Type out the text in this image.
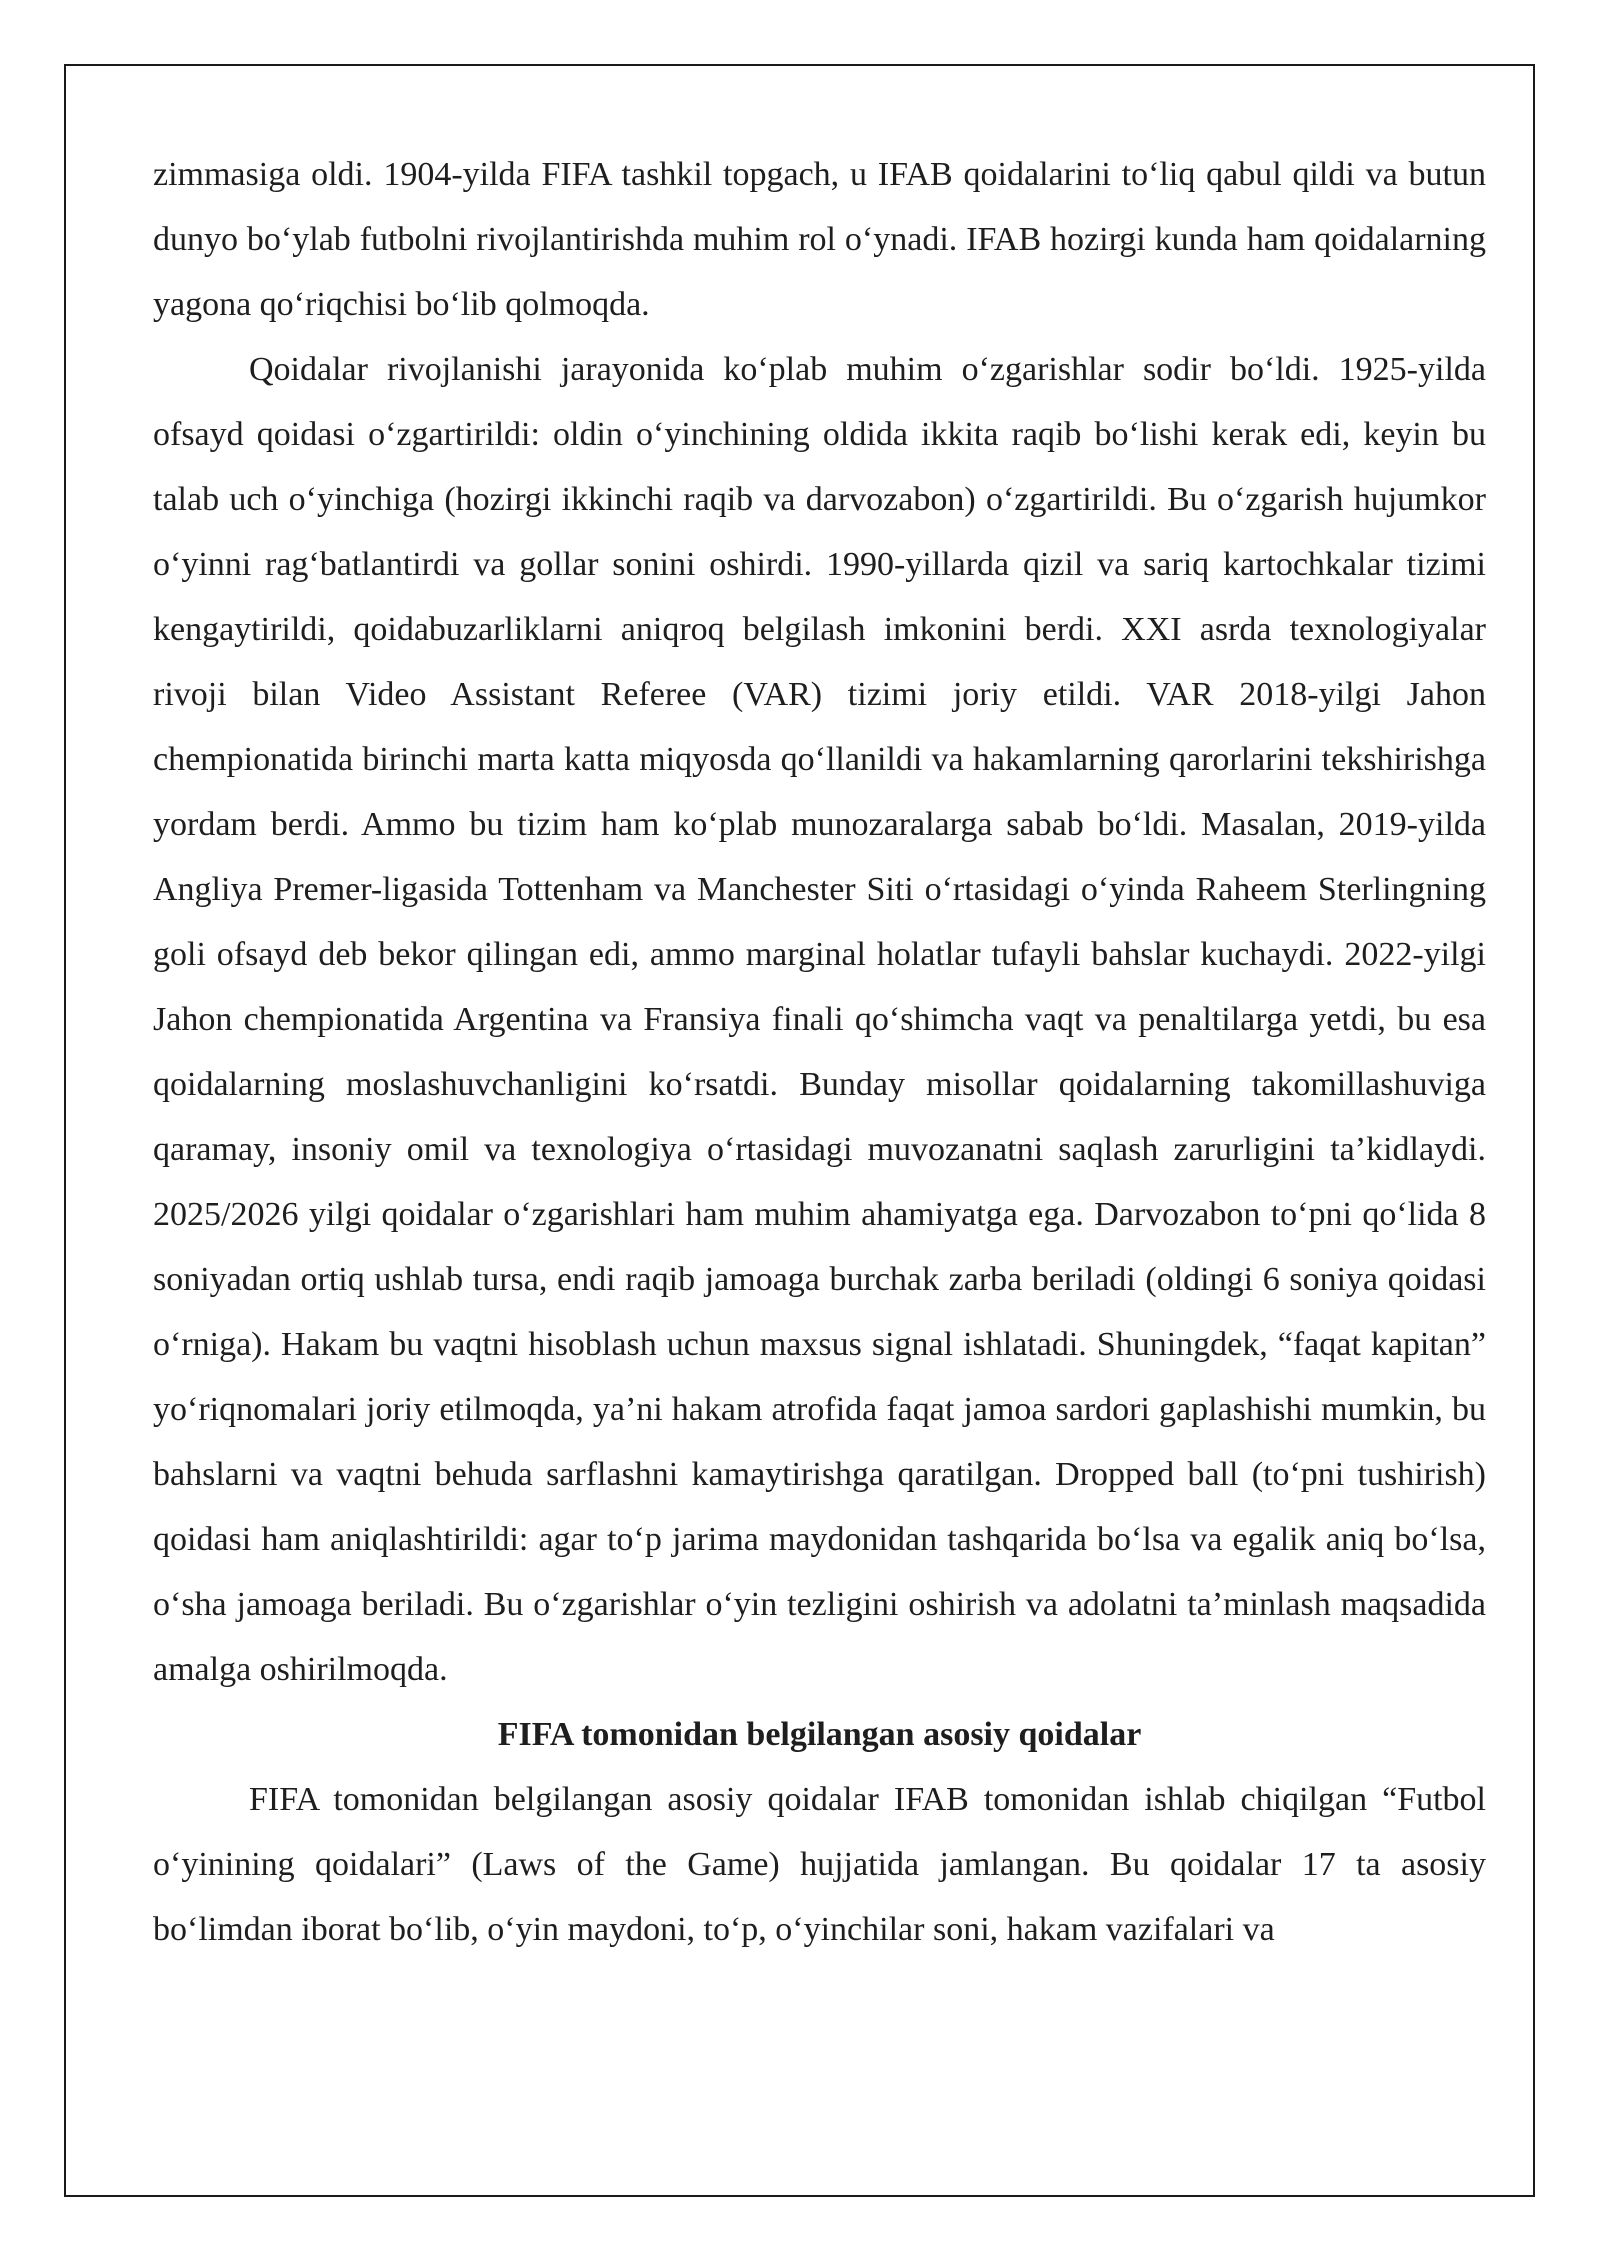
zimmasiga oldi. 1904-yilda FIFA tashkil topgach, u IFAB qoidalarini to‘liq qabul qildi va butun dunyo bo‘ylab futbolni rivojlantirishda muhim rol o‘ynadi. IFAB hozirgi kunda ham qoidalarning yagona qo‘riqchisi bo‘lib qolmoqda.

Qoidalar rivojlanishi jarayonida ko‘plab muhim o‘zgarishlar sodir bo‘ldi. 1925-yilda ofsayd qoidasi o‘zgartirildi: oldin o‘yinchining oldida ikkita raqib bo‘lishi kerak edi, keyin bu talab uch o‘yinchiga (hozirgi ikkinchi raqib va darvozabon) o‘zgartirildi. Bu o‘zgarish hujumkor o‘yinni rag‘batlantirdi va gollar sonini oshirdi. 1990-yillarda qizil va sariq kartochkalar tizimi kengaytirildi, qoidabuzarliklarni aniqroq belgilash imkonini berdi. XXI asrda texnologiyalar rivoji bilan Video Assistant Referee (VAR) tizimi joriy etildi. VAR 2018-yilgi Jahon chempionatida birinchi marta katta miqyosda qo‘llanildi va hakamlarning qarorlarini tekshirishga yordam berdi. Ammo bu tizim ham ko‘plab munozaralarga sabab bo‘ldi. Masalan, 2019-yilda Angliya Premer-ligasida Tottenham va Manchester Siti o‘rtasidagi o‘yinda Raheem Sterlingning goli ofsayd deb bekor qilingan edi, ammo marginal holatlar tufayli bahslar kuchaydi. 2022-yilgi Jahon chempionatida Argentina va Fransiya finali qo‘shimcha vaqt va penaltilarga yetdi, bu esa qoidalarning moslashuvchanligini ko‘rsatdi. Bunday misollar qoidalarning takomillashuviga qaramay, insoniy omil va texnologiya o‘rtasidagi muvozanatni saqlash zarurligini ta’kidlaydi. 2025/2026 yilgi qoidalar o‘zgarishlari ham muhim ahamiyatga ega. Darvozabon to‘pni qo‘lida 8 soniyadan ortiq ushlab tursa, endi raqib jamoaga burchak zarba beriladi (oldingi 6 soniya qoidasi o‘rniga). Hakam bu vaqtni hisoblash uchun maxsus signal ishlatadi. Shuningdek, “faqat kapitan” yo‘riqnomalari joriy etilmoqda, ya’ni hakam atrofida faqat jamoa sardori gaplashishi mumkin, bu bahslarni va vaqtni behuda sarflashni kamaytirishga qaratilgan. Dropped ball (to‘pni tushirish) qoidasi ham aniqlashtirildi: agar to‘p jarima maydonidan tashqarida bo‘lsa va egalik aniq bo‘lsa, o‘sha jamoaga beriladi. Bu o‘zgarishlar o‘yin tezligini oshirish va adolatni ta’minlash maqsadida amalga oshirilmoqda.

FIFA tomonidan belgilangan asosiy qoidalar

FIFA tomonidan belgilangan asosiy qoidalar IFAB tomonidan ishlab chiqilgan “Futbol o‘yinining qoidalari” (Laws of the Game) hujjatida jamlangan. Bu qoidalar 17 ta asosiy bo‘limdan iborat bo‘lib, o‘yin maydoni, to‘p, o‘yinchilar soni, hakam vazifalari va
